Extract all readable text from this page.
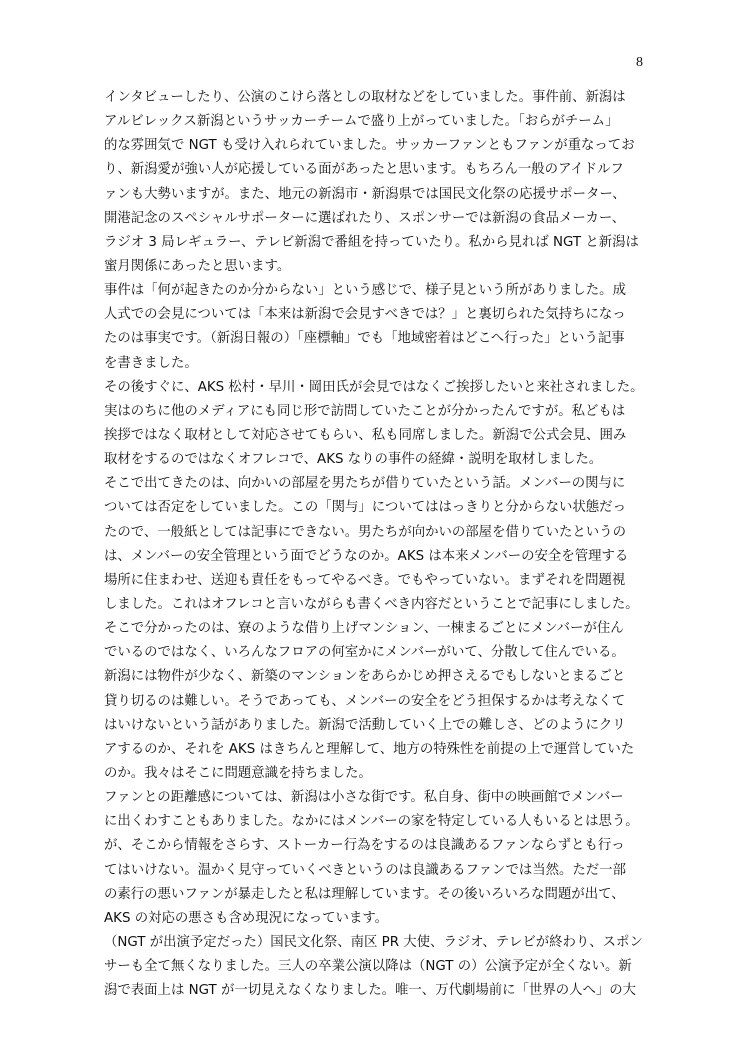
8
インタビューしたり、公演のこけら落としの取材などをしていました。事件前、新潟は
アルビレックス新潟というサッカーチームで盛り上がっていました。「おらがチーム」
的な雰囲気で NGT も受け入れられていました。サッカーファンともファンが重なってお
り、新潟愛が強い人が応援している面があったと思います。もちろん一般のアイドルフ
ァンも大勢いますが。また、地元の新潟市・新潟県では国民文化祭の応援サポーター、
開港記念のスペシャルサポーターに選ばれたり、スポンサーでは新潟の食品メーカー、
ラジオ 3 局レギュラー、テレビ新潟で番組を持っていたり。私から見れば NGT と新潟は
蜜月関係にあったと思います。
事件は「何が起きたのか分からない」という感じで、様子見という所がありました。成
人式での会見については「本来は新潟で会見すべきでは？」と裏切られた気持ちになっ
たのは事実です。（新潟日報の）「座標軸」でも「地域密着はどこへ行った」という記事
を書きました。
その後すぐに、AKS 松村・早川・岡田氏が会見ではなくご挨拶したいと来社されました。
実はのちに他のメディアにも同じ形で訪問していたことが分かったんですが。私どもは
挨拶ではなく取材として対応させてもらい、私も同席しました。新潟で公式会見、囲み
取材をするのではなくオフレコで、AKS なりの事件の経緯・説明を取材しました。
そこで出てきたのは、向かいの部屋を男たちが借りていたという話。メンバーの関与に
ついては否定をしていました。この「関与」についてははっきりと分からない状態だっ
たので、一般紙としては記事にできない。男たちが向かいの部屋を借りていたというの
は、メンバーの安全管理という面でどうなのか。AKS は本来メンバーの安全を管理する
場所に住まわせ、送迎も責任をもってやるべき。でもやっていない。まずそれを問題視
しました。これはオフレコと言いながらも書くべき内容だということで記事にしました。
そこで分かったのは、寮のような借り上げマンション、一棟まるごとにメンバーが住ん
でいるのではなく、いろんなフロアの何室かにメンバーがいて、分散して住んでいる。
新潟には物件が少なく、新築のマンションをあらかじめ押さえるでもしないとまるごと
貸り切るのは難しい。そうであっても、メンバーの安全をどう担保するかは考えなくて
はいけないという話がありました。新潟で活動していく上での難しさ、どのようにクリ
アするのか、それを AKS はきちんと理解して、地方の特殊性を前提の上で運営していた
のか。我々はそこに問題意識を持ちました。
ファンとの距離感については、新潟は小さな街です。私自身、街中の映画館でメンバー
に出くわすこともありました。なかにはメンバーの家を特定している人もいるとは思う。
が、そこから情報をさらす、ストーカー行為をするのは良識あるファンならずとも行っ
てはいけない。温かく見守っていくべきというのは良識あるファンでは当然。ただ一部
の素行の悪いファンが暴走したと私は理解しています。その後いろいろな問題が出て、
AKS の対応の悪さも含め現況になっています。
（NGT が出演予定だった）国民文化祭、南区 PR 大使、ラジオ、テレビが終わり、スポン
サーも全て無くなりました。三人の卒業公演以降は（NGT の）公演予定が全くない。新
潟で表面上は NGT が一切見えなくなりました。唯一、万代劇場前に「世界の人へ」の大
